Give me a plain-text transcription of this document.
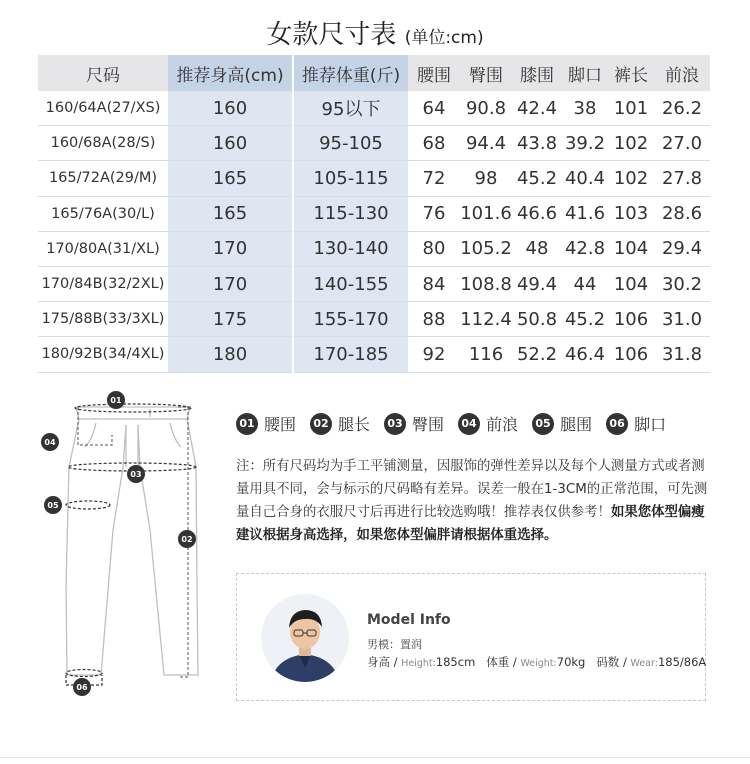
女款尺寸表 (单位:cm)
尺码	推荐身高(cm)	推荐体重(斤)	腰围	臀围	膝围	脚口	裤长	前浪
160/64A(27/XS)	160	95以下	64	90.8	42.4	38	101	26.2
160/68A(28/S)	160	95-105	68	94.4	43.8	39.2	102	27.0
165/72A(29/M)	165	105-115	72	98	45.2	40.4	102	27.8
165/76A(30/L)	165	115-130	76	101.6	46.6	41.6	103	28.6
170/80A(31/XL)	170	130-140	80	105.2	48	42.8	104	29.4
170/84B(32/2XL)	170	140-155	84	108.8	49.4	44	104	30.2
175/88B(33/3XL)	175	155-170	88	112.4	50.8	45.2	106	31.0
180/92B(34/4XL)	180	170-185	92	116	52.2	46.4	106	31.8
01
04
03
05
02
06
01 腰围	02 腿长	03 臀围	04 前浪	05 腿围	06 脚口
注：所有尺码均为手工平铺测量，因服饰的弹性差异以及每个人测量方式或者测量用具不同，会与标示的尺码略有差异。误差一般在1-3CM的正常范围，可先测量自己合身的衣服尺寸后再进行比较选购哦！推荐表仅供参考！如果您体型偏瘦建议根据身高选择，如果您体型偏胖请根据体重选择。
Model Info
男模：置润
身高 / Height:185cm 体重 / Weight:70kg 码数 / Wear:185/86A
